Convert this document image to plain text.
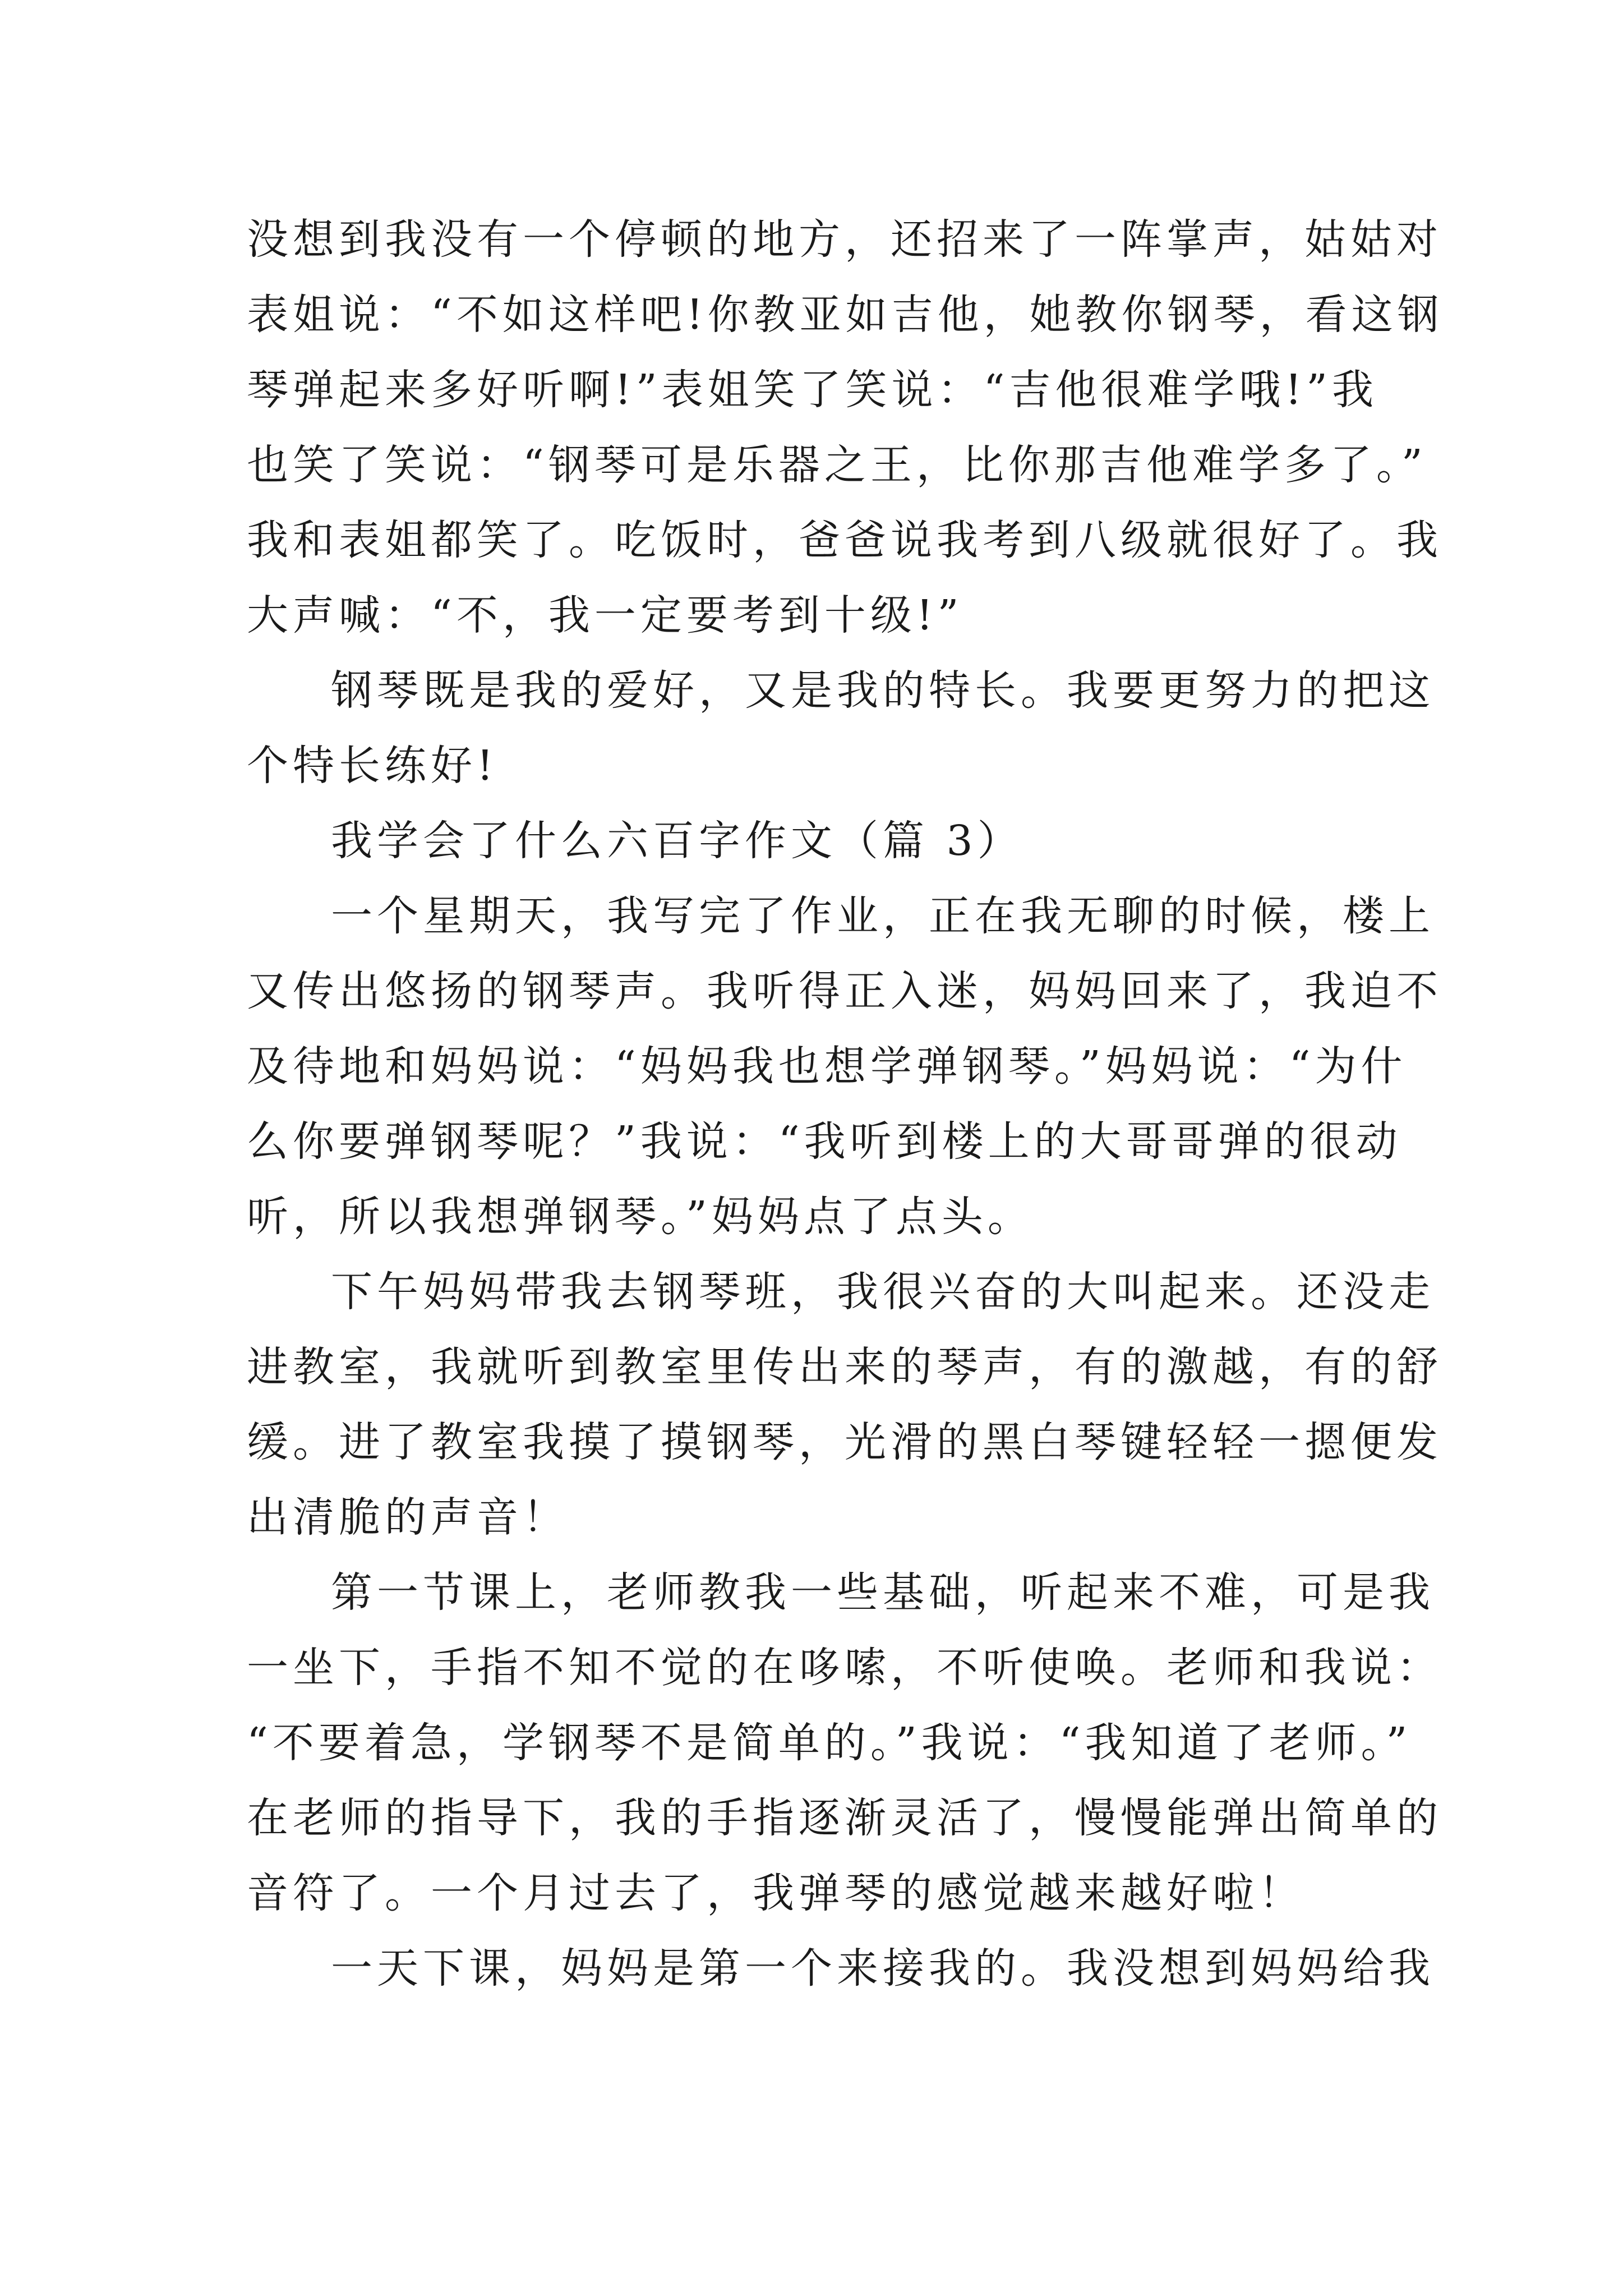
没想到我没有一个停顿的地方，还招来了一阵掌声，姑姑对
表姐说：“不如这样吧!你教亚如吉他，她教你钢琴，看这钢
琴弹起来多好听啊!”表姐笑了笑说：“吉他很难学哦!”我
也笑了笑说：“钢琴可是乐器之王，比你那吉他难学多了。”
我和表姐都笑了。吃饭时，爸爸说我考到八级就很好了。我
大声喊：“不，我一定要考到十级!”
钢琴既是我的爱好，又是我的特长。我要更努力的把这
个特长练好!
我学会了什么六百字作文（篇 3）
一个星期天，我写完了作业，正在我无聊的时候，楼上
又传出悠扬的钢琴声。我听得正入迷，妈妈回来了，我迫不
及待地和妈妈说：“妈妈我也想学弹钢琴。”妈妈说：“为什
么你要弹钢琴呢？”我说：“我听到楼上的大哥哥弹的很动
听，所以我想弹钢琴。”妈妈点了点头。
下午妈妈带我去钢琴班，我很兴奋的大叫起来。还没走
进教室，我就听到教室里传出来的琴声，有的激越，有的舒
缓。进了教室我摸了摸钢琴，光滑的黑白琴键轻轻一摁便发
出清脆的声音！
第一节课上，老师教我一些基础，听起来不难，可是我
一坐下，手指不知不觉的在哆嗦，不听使唤。老师和我说：
“不要着急，学钢琴不是简单的。”我说：“我知道了老师。”
在老师的指导下，我的手指逐渐灵活了，慢慢能弹出简单的
音符了。一个月过去了，我弹琴的感觉越来越好啦！
一天下课，妈妈是第一个来接我的。我没想到妈妈给我
